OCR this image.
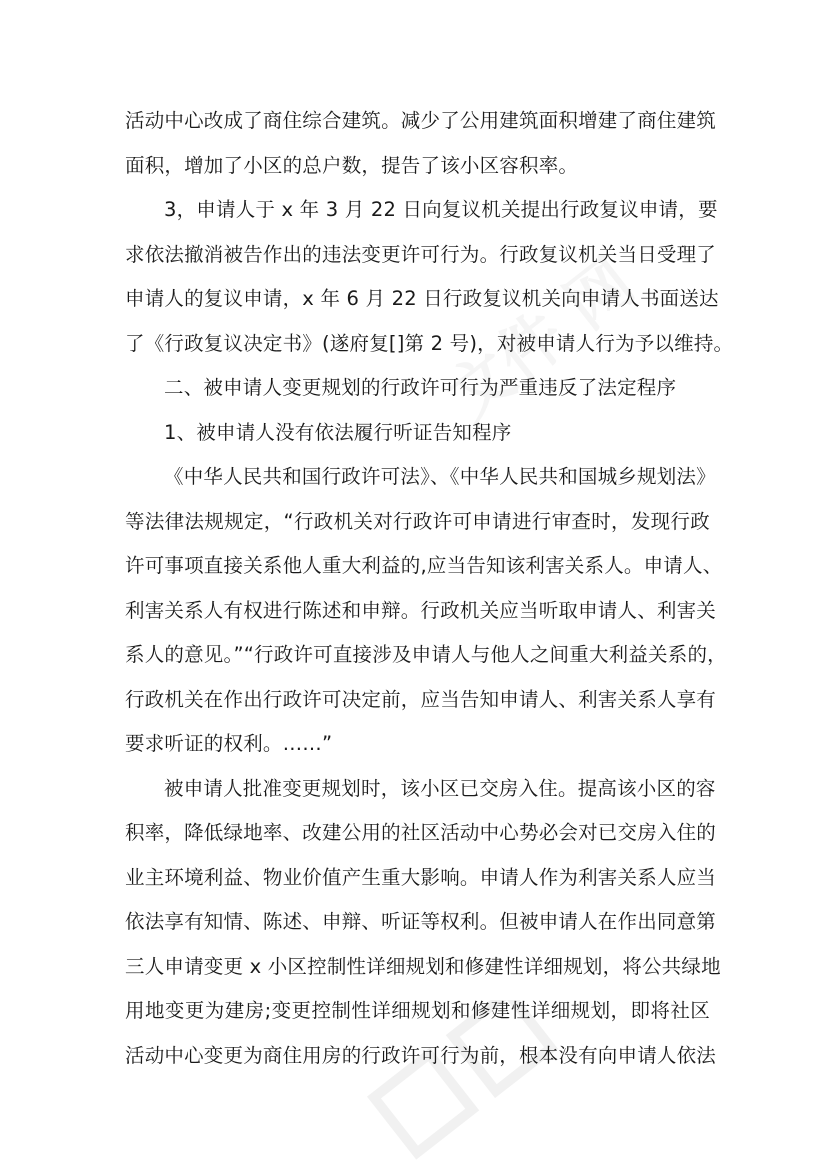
活动中心改成了商住综合建筑。减少了公用建筑面积增建了商住建筑
面积，增加了小区的总户数，提告了该小区容积率。
3，申请人于 x 年 3 月 22 日向复议机关提出行政复议申请，要
求依法撤消被告作出的违法变更许可行为。行政复议机关当日受理了
申请人的复议申请，x 年 6 月 22 日行政复议机关向申请人书面送达
了《行政复议决定书》(遂府复[]第 2 号)，对被申请人行为予以维持。
二、被申请人变更规划的行政许可行为严重违反了法定程序
1、被申请人没有依法履行听证告知程序
《中华人民共和国行政许可法》、《中华人民共和国城乡规划法》
等法律法规规定，“行政机关对行政许可申请进行审查时，发现行政
许可事项直接关系他人重大利益的,应当告知该利害关系人。申请人、
利害关系人有权进行陈述和申辩。行政机关应当听取申请人、利害关
系人的意见。”“行政许可直接涉及申请人与他人之间重大利益关系的，
行政机关在作出行政许可决定前，应当告知申请人、利害关系人享有
要求听证的权利。……”
被申请人批准变更规划时，该小区已交房入住。提高该小区的容
积率，降低绿地率、改建公用的社区活动中心势必会对已交房入住的
业主环境利益、物业价值产生重大影响。申请人作为利害关系人应当
依法享有知情、陈述、申辩、听证等权利。但被申请人在作出同意第
三人申请变更 x 小区控制性详细规划和修建性详细规划，将公共绿地
用地变更为建房;变更控制性详细规划和修建性详细规划，即将社区
活动中心变更为商住用房的行政许可行为前，根本没有向申请人依法
